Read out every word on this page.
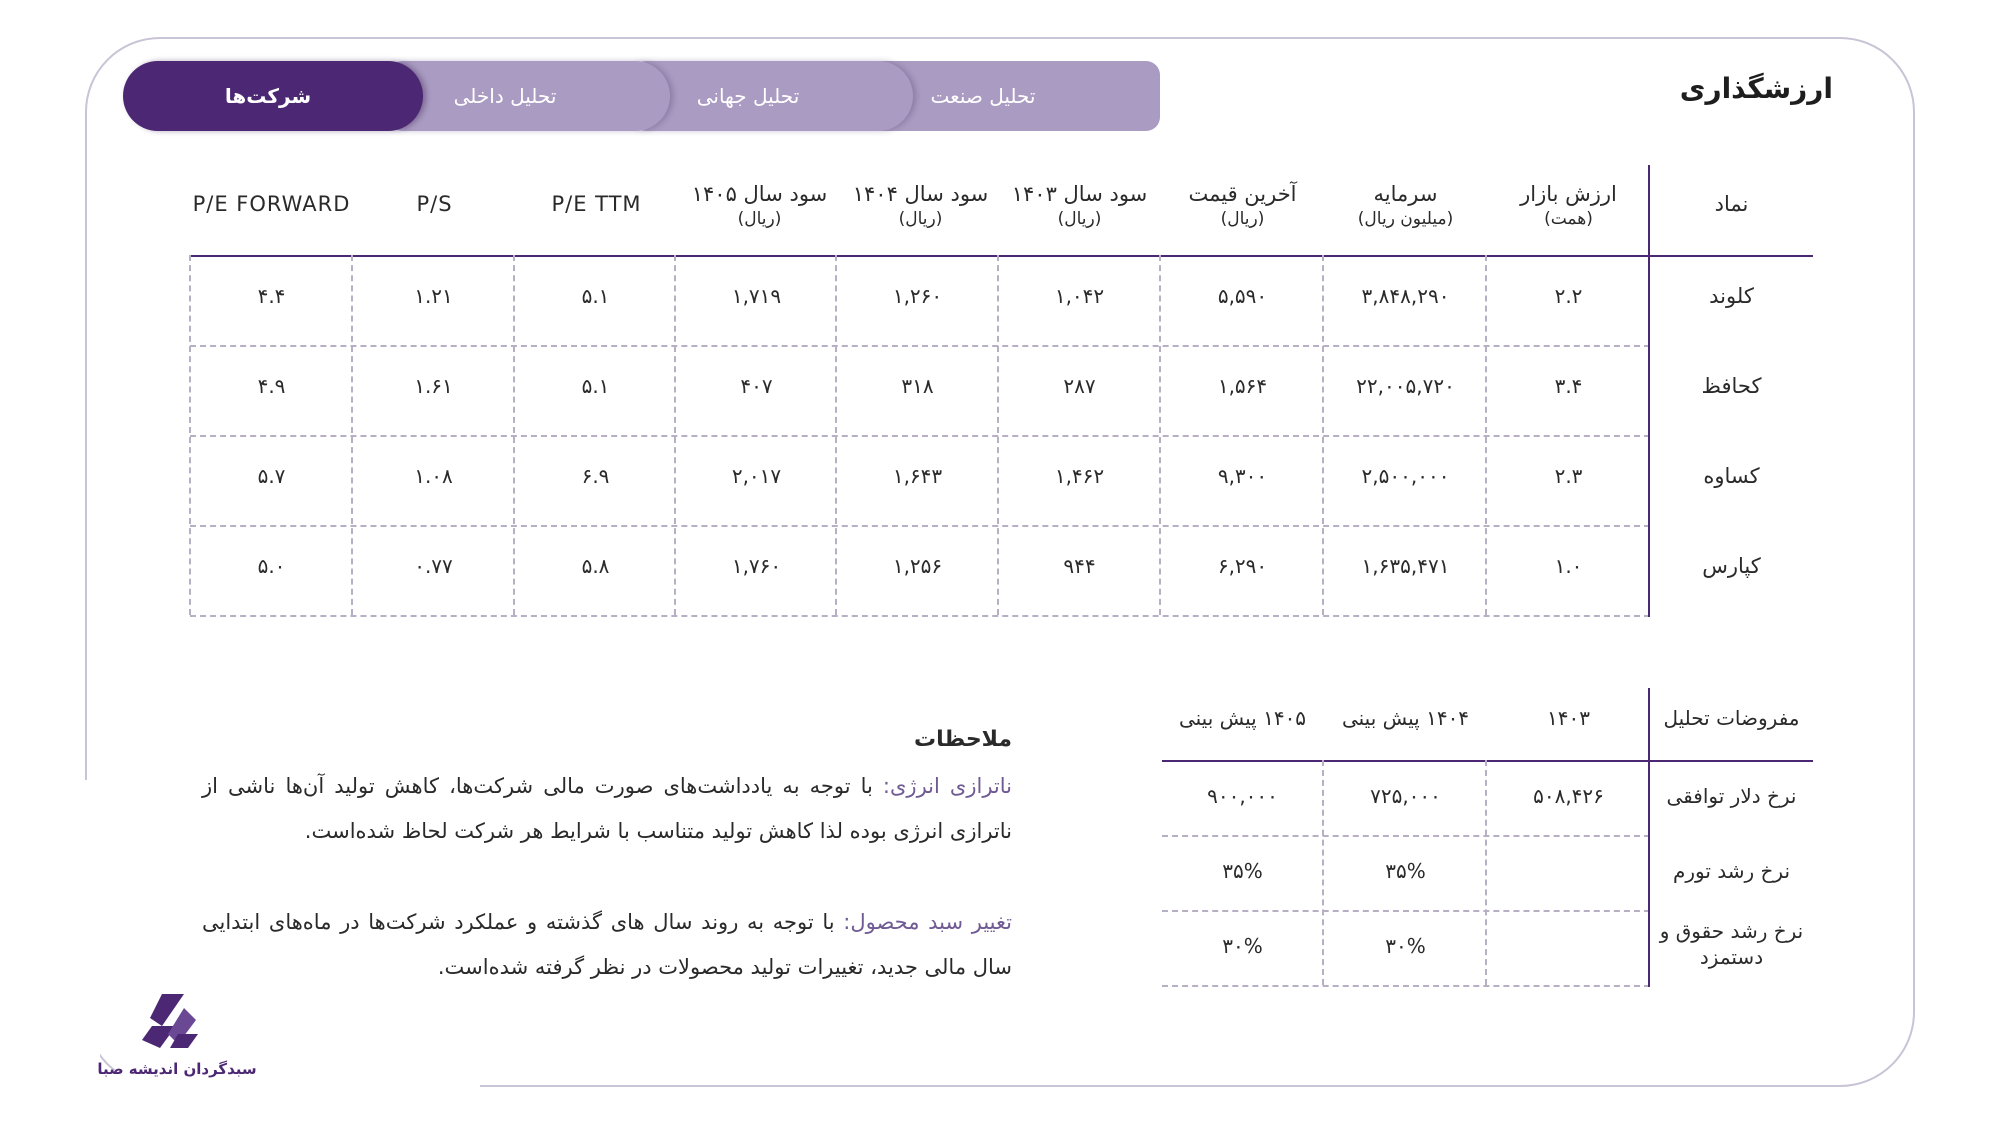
ارزشگذاری
تحلیل صنعت
تحلیل جهانی
تحلیل داخلی
شرکت‌ها
نماد
ارزش بازار
(همت)
سرمایه
(میلیون ریال)
آخرین قیمت
(ریال)
سود سال ۱۴۰۳
(ریال)
سود سال ۱۴۰۴
(ریال)
سود سال ۱۴۰۵
(ریال)
P/E TTM
P/S
P/E FORWARD
کلوند
۲.۲
۳,۸۴۸,۲۹۰
۵,۵۹۰
۱,۰۴۲
۱,۲۶۰
۱,۷۱۹
۵.۱
۱.۲۱
۴.۴
کحافظ
۳.۴
۲۲,۰۰۵,۷۲۰
۱,۵۶۴
۲۸۷
۳۱۸
۴۰۷
۵.۱
۱.۶۱
۴.۹
کساوه
۲.۳
۲,۵۰۰,۰۰۰
۹,۳۰۰
۱,۴۶۲
۱,۶۴۳
۲,۰۱۷
۶.۹
۱.۰۸
۵.۷
کپارس
۱.۰
۱,۶۳۵,۴۷۱
۶,۲۹۰
۹۴۴
۱,۲۵۶
۱,۷۶۰
۵.۸
۰.۷۷
۵.۰
مفروضات تحلیل
۱۴۰۳
۱۴۰۴ پیش بینی
۱۴۰۵ پیش بینی
نرخ دلار توافقی
۵۰۸,۴۲۶
۷۲۵,۰۰۰
۹۰۰,۰۰۰
نرخ رشد تورم
۳۵%
۳۵%
نرخ رشد حقوق و دستمزد
۳۰%
۳۰%
ملاحظات
ناترازی انرژی: با توجه به یادداشت‌های صورت مالی شرکت‌ها، کاهش تولید آن‌ها ناشی از ناترازی انرژی بوده لذا کاهش تولید متناسب با شرایط هر شرکت لحاظ شده‌است.
تغییر سبد محصول: با توجه به روند سال های گذشته و عملکرد شرکت‌ها در ماه‌های ابتدایی سال مالی جدید، تغییرات تولید محصولات در نظر گرفته شده‌است.
سبدگردان اندیشه صبا
